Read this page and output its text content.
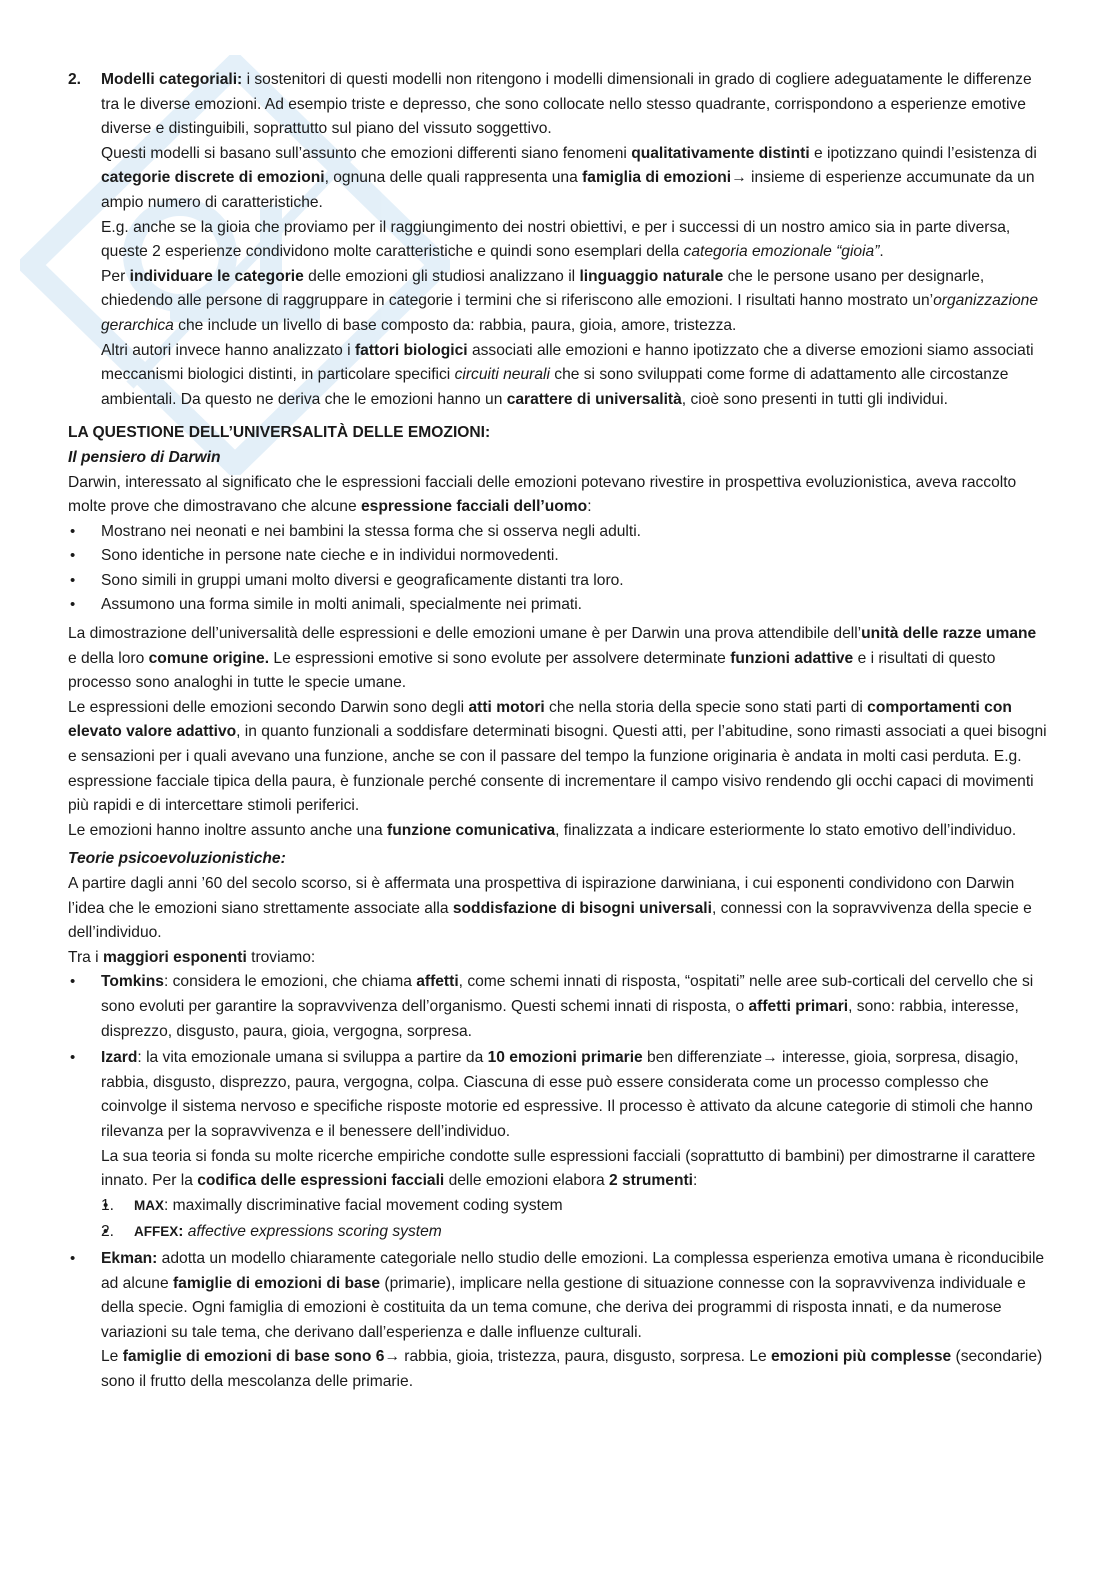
2. Modelli categoriali: i sostenitori di questi modelli non ritengono i modelli dimensionali in grado di cogliere adeguatamente le differenze tra le diverse emozioni. Ad esempio triste e depresso, che sono collocate nello stesso quadrante, corrispondono a esperienze emotive diverse e distinguibili, soprattutto sul piano del vissuto soggettivo.

Questi modelli si basano sull’assunto che emozioni differenti siano fenomeni qualitativamente distinti e ipotizzano quindi l’esistenza di categorie discrete di emozioni, ognuna delle quali rappresenta una famiglia di emozioni→ insieme di esperienze accumunate da un ampio numero di caratteristiche.

E.g. anche se la gioia che proviamo per il raggiungimento dei nostri obiettivi, e per i successi di un nostro amico sia in parte diversa, queste 2 esperienze condividono molte caratteristiche e quindi sono esemplari della categoria emozionale “gioia”.

Per individuare le categorie delle emozioni gli studiosi analizzano il linguaggio naturale che le persone usano per designarle, chiedendo alle persone di raggruppare in categorie i termini che si riferiscono alle emozioni. I risultati hanno mostrato un’organizzazione gerarchica che include un livello di base composto da: rabbia, paura, gioia, amore, tristezza.

Altri autori invece hanno analizzato i fattori biologici associati alle emozioni e hanno ipotizzato che a diverse emozioni siamo associati meccanismi biologici distinti, in particolare specifici circuiti neurali che si sono sviluppati come forme di adattamento alle circostanze ambientali. Da questo ne deriva che le emozioni hanno un carattere di universalità, cioè sono presenti in tutti gli individui.

LA QUESTIONE DELL’UNIVERSALITÀ DELLE EMOZIONI:

Il pensiero di Darwin

Darwin, interessato al significato che le espressioni facciali delle emozioni potevano rivestire in prospettiva evoluzionistica, aveva raccolto molte prove che dimostravano che alcune espressione facciali dell’uomo:

• Mostrano nei neonati e nei bambini la stessa forma che si osserva negli adulti.
• Sono identiche in persone nate cieche e in individui normovedenti.
• Sono simili in gruppi umani molto diversi e geograficamente distanti tra loro.
• Assumono una forma simile in molti animali, specialmente nei primati.

La dimostrazione dell’universalità delle espressioni e delle emozioni umane è per Darwin una prova attendibile dell’unità delle razze umane e della loro comune origine. Le espressioni emotive si sono evolute per assolvere determinate funzioni adattive e i risultati di questo processo sono analoghi in tutte le specie umane.

Le espressioni delle emozioni secondo Darwin sono degli atti motori che nella storia della specie sono stati parti di comportamenti con elevato valore adattivo, in quanto funzionali a soddisfare determinati bisogni. Questi atti, per l’abitudine, sono rimasti associati a quei bisogni e sensazioni per i quali avevano una funzione, anche se con il passare del tempo la funzione originaria è andata in molti casi perduta. E.g. espressione facciale tipica della paura, è funzionale perché consente di incrementare il campo visivo rendendo gli occhi capaci di movimenti più rapidi e di intercettare stimoli periferici.

Le emozioni hanno inoltre assunto anche una funzione comunicativa, finalizzata a indicare esteriormente lo stato emotivo dell’individuo.

Teorie psicoevoluzionistiche:

A partire dagli anni ’60 del secolo scorso, si è affermata una prospettiva di ispirazione darwiniana, i cui esponenti condividono con Darwin l’idea che le emozioni siano strettamente associate alla soddisfazione di bisogni universali, connessi con la sopravvivenza della specie e dell’individuo.

Tra i maggiori esponenti troviamo:

• Tomkins: considera le emozioni, che chiama affetti, come schemi innati di risposta, “ospitati” nelle aree sub-corticali del cervello che si sono evoluti per garantire la sopravvivenza dell’organismo. Questi schemi innati di risposta, o affetti primari, sono: rabbia, interesse, disprezzo, disgusto, paura, gioia, vergogna, sorpresa.

• Izard: la vita emozionale umana si sviluppa a partire da 10 emozioni primarie ben differenziate→ interesse, gioia, sorpresa, disagio, rabbia, disgusto, disprezzo, paura, vergogna, colpa. Ciascuna di esse può essere considerata come un processo complesso che coinvolge il sistema nervoso e specifiche risposte motorie ed espressive. Il processo è attivato da alcune categorie di stimoli che hanno rilevanza per la sopravvivenza e il benessere dell’individuo.

La sua teoria si fonda su molte ricerche empiriche condotte sulle espressioni facciali (soprattutto di bambini) per dimostrarne il carattere innato. Per la codifica delle espressioni facciali delle emozioni elabora 2 strumenti:

• 1. MAX: maximally discriminative facial movement coding system
• 2. AFFEX: affective expressions scoring system

• Ekman: adotta un modello chiaramente categoriale nello studio delle emozioni. La complessa esperienza emotiva umana è riconducibile ad alcune famiglie di emozioni di base (primarie), implicare nella gestione di situazione connesse con la sopravvivenza individuale e della specie. Ogni famiglia di emozioni è costituita da un tema comune, che deriva dei programmi di risposta innati, e da numerose variazioni su tale tema, che derivano dall’esperienza e dalle influenze culturali.

Le famiglie di emozioni di base sono 6→ rabbia, gioia, tristezza, paura, disgusto, sorpresa. Le emozioni più complesse (secondarie) sono il frutto della mescolanza delle primarie.
